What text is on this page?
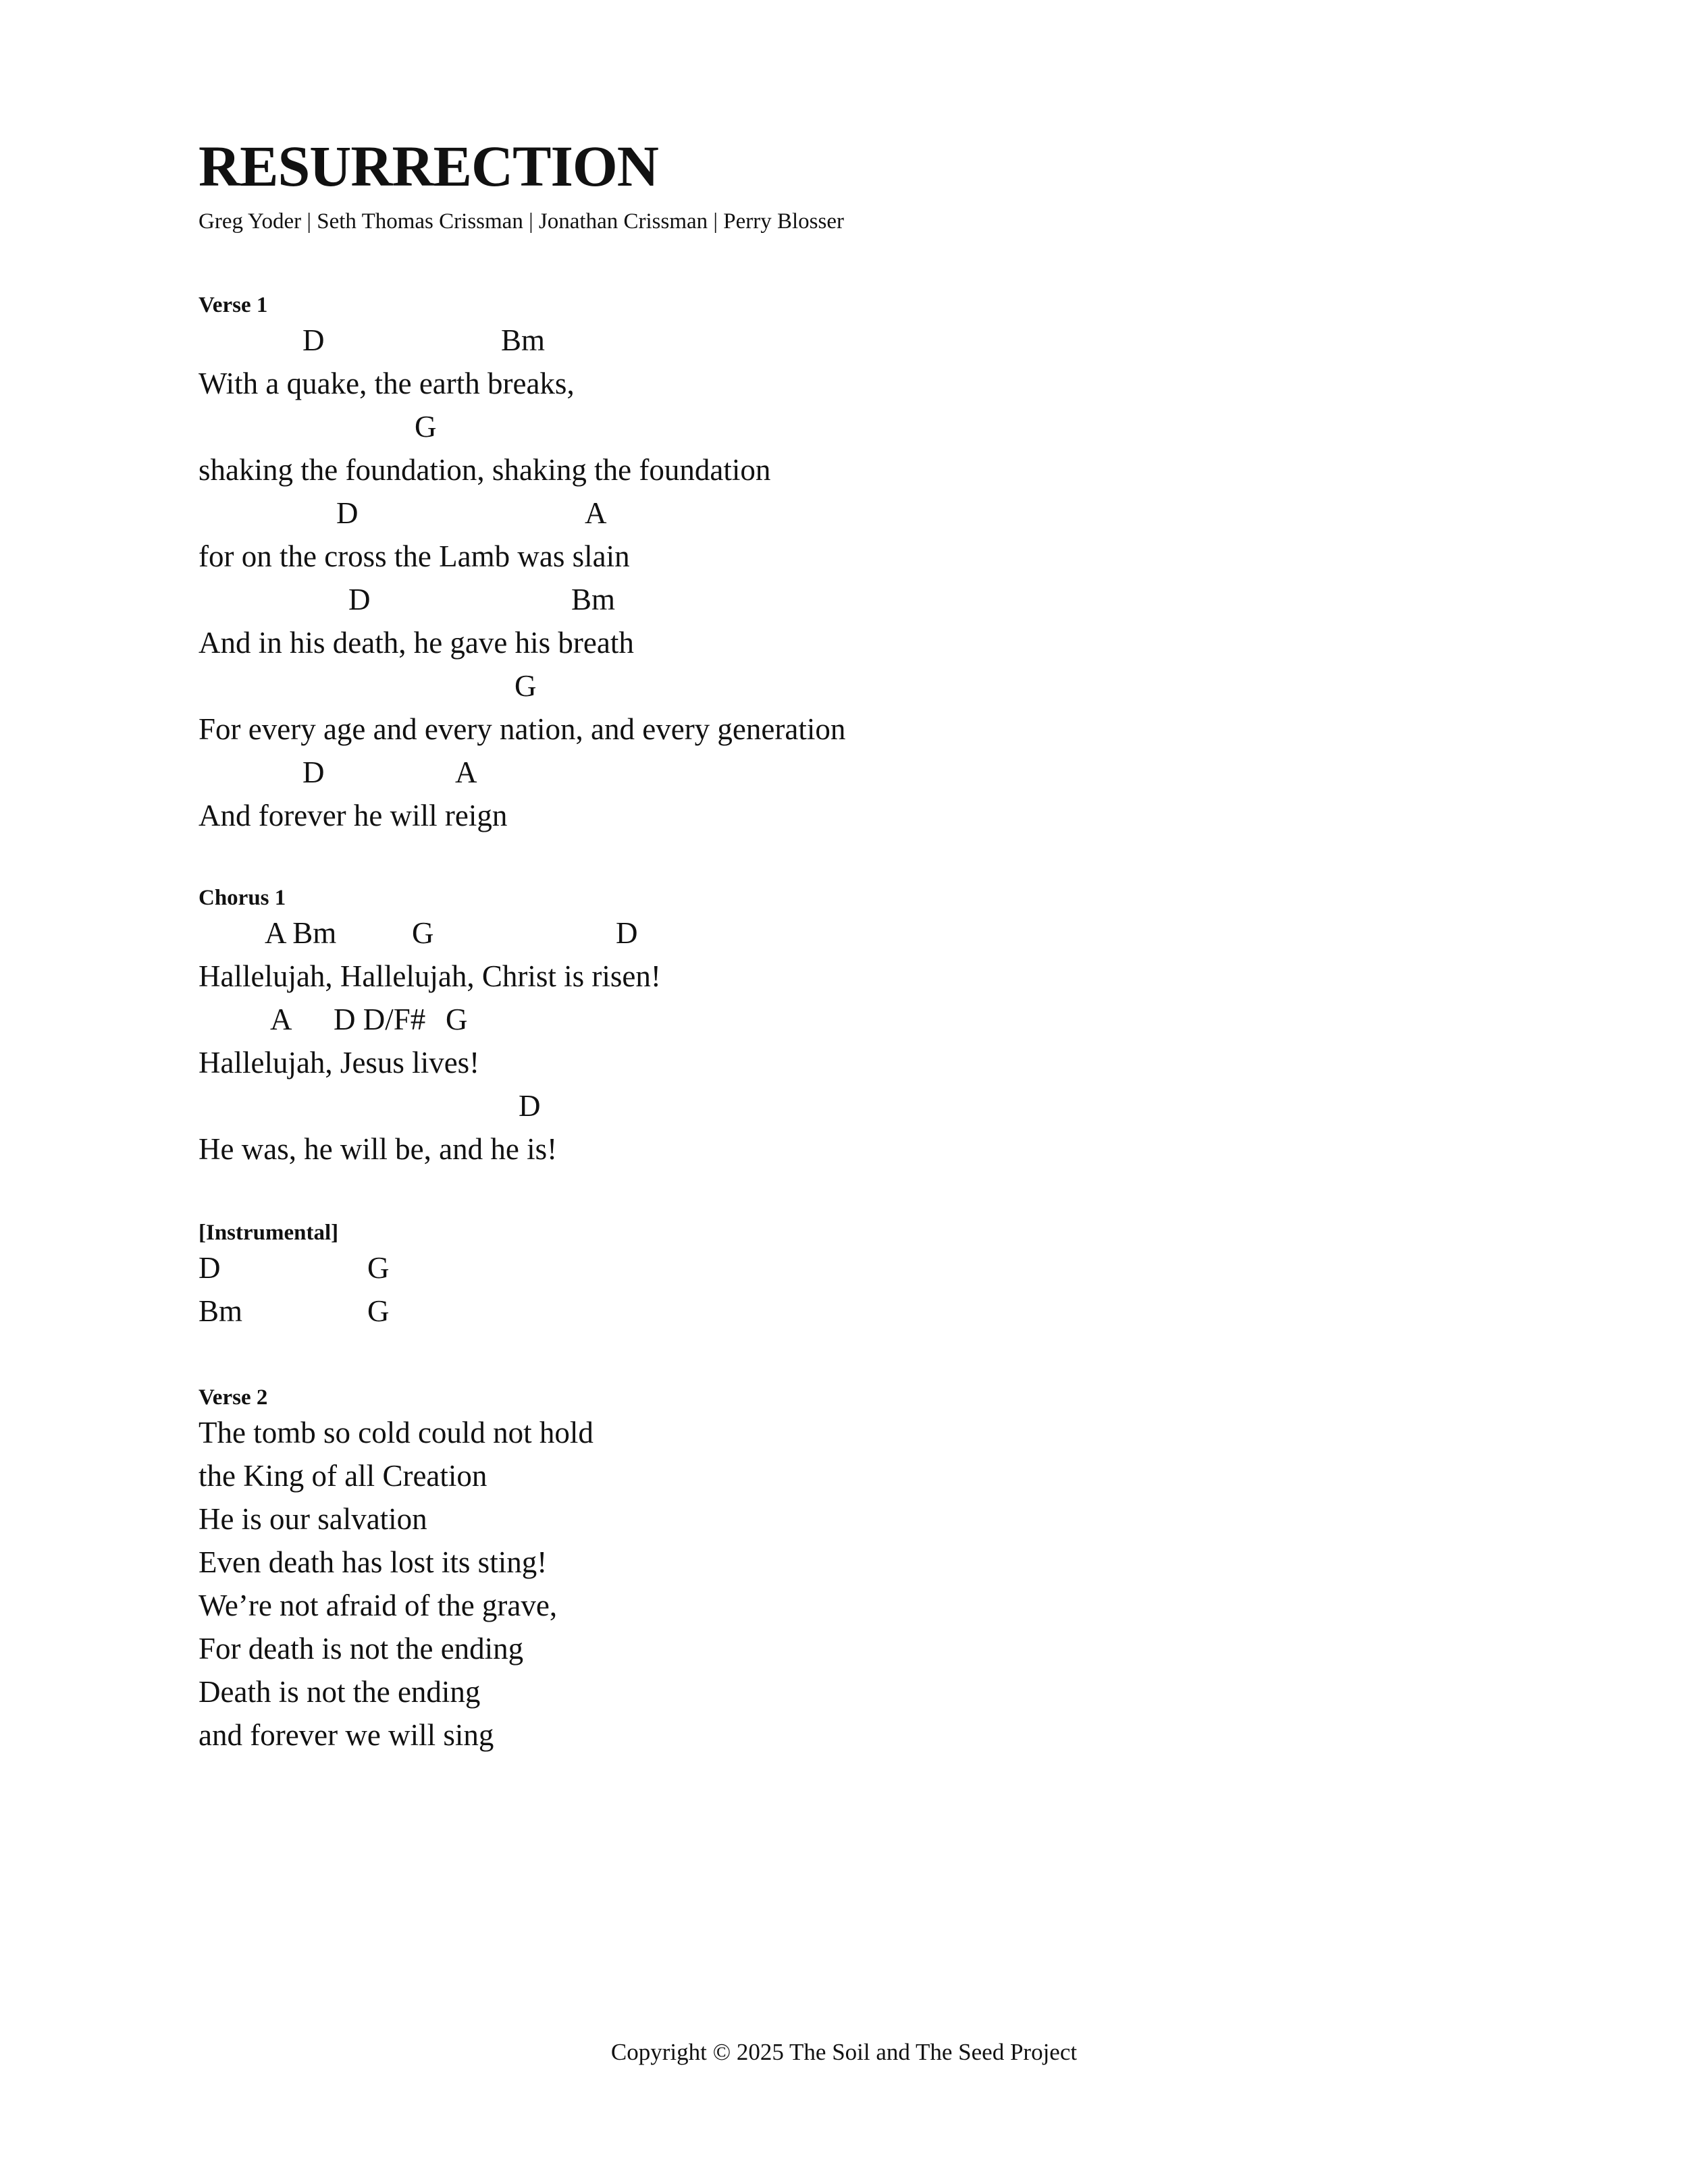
RESURRECTION
Greg Yoder | Seth Thomas Crissman | Jonathan Crissman | Perry Blosser
Verse 1
D	Bm
With a quake, the earth breaks,
G
shaking the foundation, shaking the foundation
D	A
for on the cross the Lamb was slain
D	Bm
And in his death, he gave his breath
G
For every age and every nation, and every generation
D	A
And forever he will reign
Chorus 1
A Bm G	D
Hallelujah, Hallelujah, Christ is risen!
A D D/F# G
Hallelujah, Jesus lives!
D
He was, he will be, and he is!
[Instrumental]
D	G
Bm	G
Verse 2
The tomb so cold could not hold
the King of all Creation
He is our salvation
Even death has lost its sting!
We’re not afraid of the grave,
For death is not the ending
Death is not the ending
and forever we will sing
Copyright © 2025 The Soil and The Seed Project
